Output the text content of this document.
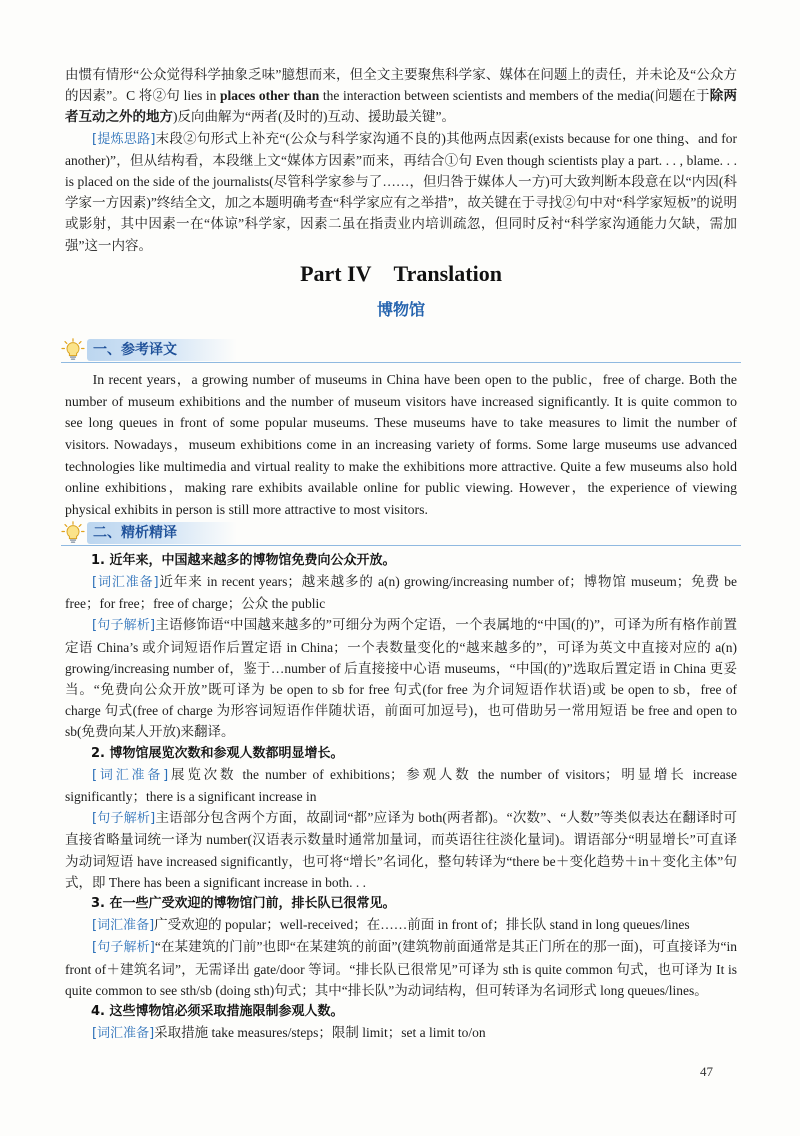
由惯有情形“公众觉得科学抽象乏味”臆想而来，但全文主要聚焦科学家、媒体在问题上的责任，并未论及“公众方的因素”。C 将②句 lies in places other than the interaction between scientists and members of the media(问题在于除两者互动之外的地方)反向曲解为“两者(及时的)互动、援助最关键”。

[提炼思路]末段②句形式上补充“(公众与科学家沟通不良的)其他两点因素(exists because for one thing、and for another)”，但从结构看，本段继上文“媒体方因素”而来，再结合①句 Even though scientists play a part. . . , blame. . . is placed on the side of the journalists(尽管科学家参与了……，但归咎于媒体人一方)可大致判断本段意在以“内因(科学家一方因素)”终结全文，加之本题明确考查“科学家应有之举措”，故关键在于寻找②句中对“科学家短板”的说明或影射，其中因素一在“体谅”科学家，因素二虽在指责业内培训疏忽，但同时反衬“科学家沟通能力欠缺，需加强”这一内容。

Part IV Translation
博物馆
一、参考译文

In recent years，a growing number of museums in China have been open to the public，free of charge. Both the number of museum exhibitions and the number of museum visitors have increased significantly. It is quite common to see long queues in front of some popular museums. These museums have to take measures to limit the number of visitors. Nowadays，museum exhibitions come in an increasing variety of forms. Some large museums use advanced technologies like multimedia and virtual reality to make the exhibitions more attractive. Quite a few museums also hold online exhibitions，making rare exhibits available online for public viewing. However，the experience of viewing physical exhibits in person is still more attractive to most visitors.

二、精析精译

1. 近年来，中国越来越多的博物馆免费向公众开放。

[词汇准备]近年来 in recent years；越来越多的 a(n) growing/increasing number of；博物馆 museum；免费 be free；for free；free of charge；公众 the public

[句子解析]主语修饰语“中国越来越多的”可细分为两个定语，一个表属地的“中国(的)”，可译为所有格作前置定语 China’s 或介词短语作后置定语 in China；一个表数量变化的“越来越多的”，可译为英文中直接对应的 a(n) growing/increasing number of，鉴于…number of 后直接接中心语 museums，“中国(的)”选取后置定语 in China 更妥当。“免费向公众开放”既可译为 be open to sb for free 句式(for free 为介词短语作状语)或 be open to sb，free of charge 句式(free of charge 为形容词短语作伴随状语，前面可加逗号)，也可借助另一常用短语 be free and open to sb(免费向某人开放)来翻译。

2. 博物馆展览次数和参观人数都明显增长。

[词汇准备]展览次数 the number of exhibitions；参观人数 the number of visitors；明显增长 increase significantly；there is a significant increase in

[句子解析]主语部分包含两个方面，故副词“都”应译为 both(两者都)。“次数”、“人数”等类似表达在翻译时可直接省略量词统一译为 number(汉语表示数量时通常加量词，而英语往往淡化量词)。谓语部分“明显增长”可直译为动词短语 have increased significantly，也可将“增长”名词化，整句转译为“there be＋变化趋势＋in＋变化主体”句式，即 There has been a significant increase in both. . .

3. 在一些广受欢迎的博物馆门前，排长队已很常见。

[词汇准备]广受欢迎的 popular；well-received；在……前面 in front of；排长队 stand in long queues/lines

[句子解析]“在某建筑的门前”也即“在某建筑的前面”(建筑物前面通常是其正门所在的那一面)，可直接译为“in front of＋建筑名词”，无需译出 gate/door 等词。“排长队已很常见”可译为 sth is quite common 句式，也可译为 It is quite common to see sth/sb (doing sth)句式；其中“排长队”为动词结构，但可转译为名词形式 long queues/lines。

4. 这些博物馆必须采取措施限制参观人数。

[词汇准备]采取措施 take measures/steps；限制 limit；set a limit to/on

47
